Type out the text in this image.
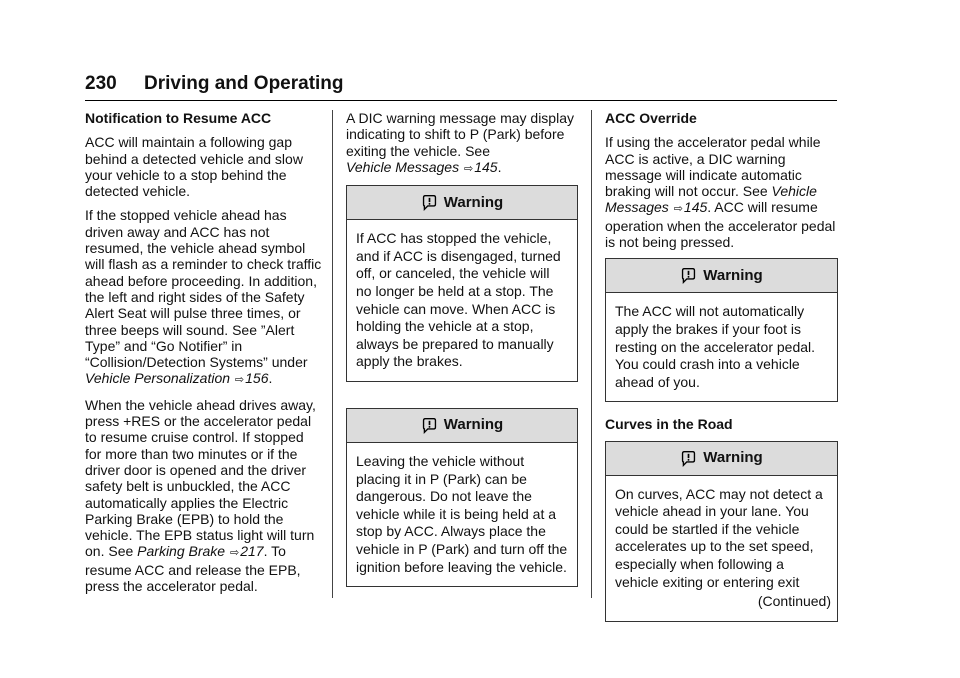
230 Driving and Operating
Notification to Resume ACC

ACC will maintain a following gap behind a detected vehicle and slow your vehicle to a stop behind the detected vehicle.

If the stopped vehicle ahead has driven away and ACC has not resumed, the vehicle ahead symbol will flash as a reminder to check traffic ahead before proceeding. In addition, the left and right sides of the Safety Alert Seat will pulse three times, or three beeps will sound. See ”Alert Type” and “Go Notifier” in “Collision/Detection Systems” under
Vehicle Personalization ⇨156.

When the vehicle ahead drives away, press +RES or the accelerator pedal to resume cruise control. If stopped for more than two minutes or if the driver door is opened and the driver safety belt is unbuckled, the ACC automatically applies the Electric Parking Brake (EPB) to hold the vehicle. The EPB status light will turn on. See Parking Brake ⇨217. To resume ACC and release the EPB, press the accelerator pedal.

A DIC warning message may display indicating to shift to P (Park) before exiting the vehicle. See
Vehicle Messages ⇨145.

Warning
If ACC has stopped the vehicle, and if ACC is disengaged, turned off, or canceled, the vehicle will no longer be held at a stop. The vehicle can move. When ACC is holding the vehicle at a stop, always be prepared to manually apply the brakes.
Warning
Leaving the vehicle without placing it in P (Park) can be dangerous. Do not leave the vehicle while it is being held at a stop by ACC. Always place the vehicle in P (Park) and turn off the ignition before leaving the vehicle.
ACC Override

If using the accelerator pedal while ACC is active, a DIC warning message will indicate automatic braking will not occur. See Vehicle Messages ⇨145. ACC will resume operation when the accelerator pedal is not being pressed.

Warning
The ACC will not automatically apply the brakes if your foot is resting on the accelerator pedal. You could crash into a vehicle ahead of you.
Curves in the Road
Warning
On curves, ACC may not detect a vehicle ahead in your lane. You could be startled if the vehicle accelerates up to the set speed, especially when following a vehicle exiting or entering exit
(Continued)
